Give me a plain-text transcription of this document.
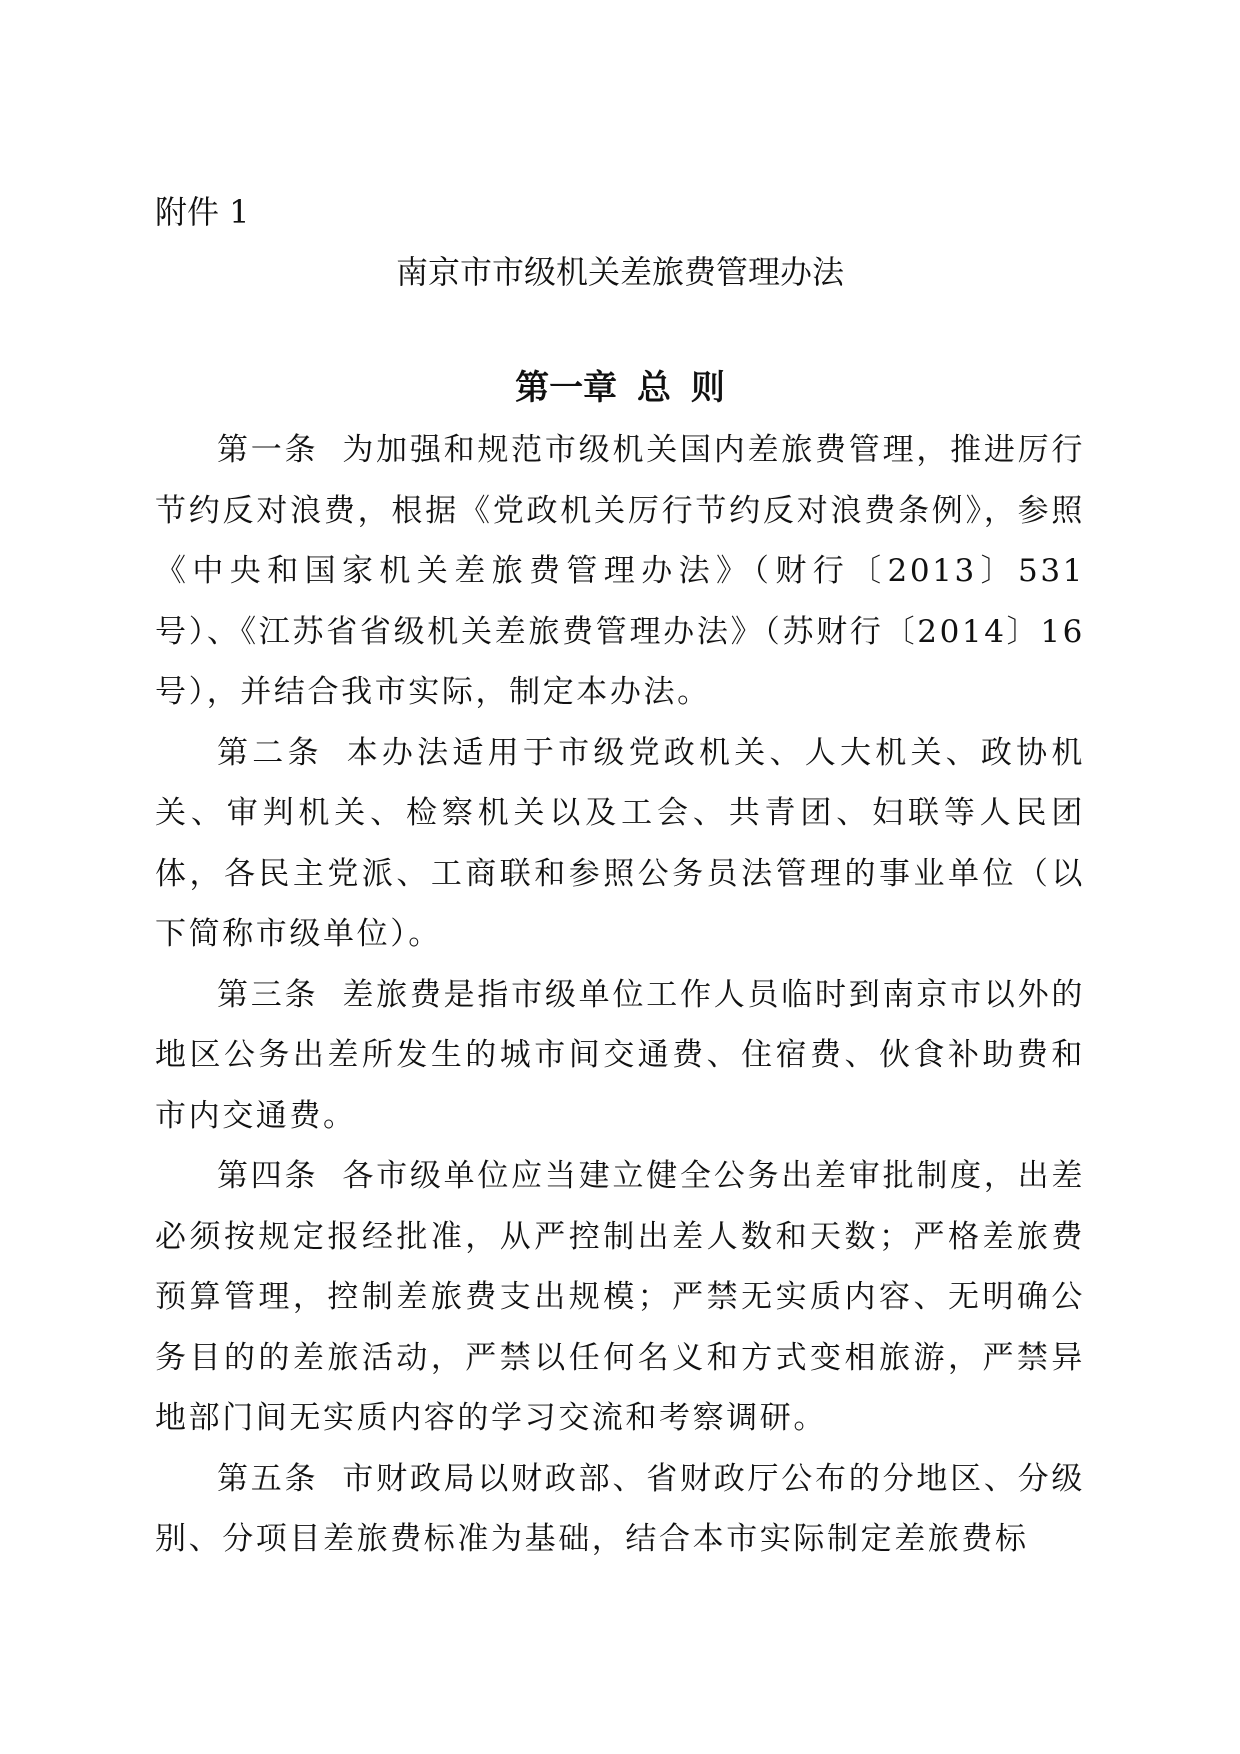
附件 1
南京市市级机关差旅费管理办法
第一章 总 则

第一条 为加强和规范市级机关国内差旅费管理，推进厉行节约反对浪费，根据《党政机关厉行节约反对浪费条例》，参照《中央和国家机关差旅费管理办法》（财行〔2013〕531号）、《江苏省省级机关差旅费管理办法》（苏财行〔2014〕16号），并结合我市实际，制定本办法。

第二条 本办法适用于市级党政机关、人大机关、政协机关、审判机关、检察机关以及工会、共青团、妇联等人民团体，各民主党派、工商联和参照公务员法管理的事业单位（以下简称市级单位）。

第三条 差旅费是指市级单位工作人员临时到南京市以外的地区公务出差所发生的城市间交通费、住宿费、伙食补助费和市内交通费。

第四条 各市级单位应当建立健全公务出差审批制度，出差必须按规定报经批准，从严控制出差人数和天数；严格差旅费预算管理，控制差旅费支出规模；严禁无实质内容、无明确公务目的的差旅活动，严禁以任何名义和方式变相旅游，严禁异地部门间无实质内容的学习交流和考察调研。

第五条 市财政局以财政部、省财政厅公布的分地区、分级别、分项目差旅费标准为基础，结合本市实际制定差旅费标
